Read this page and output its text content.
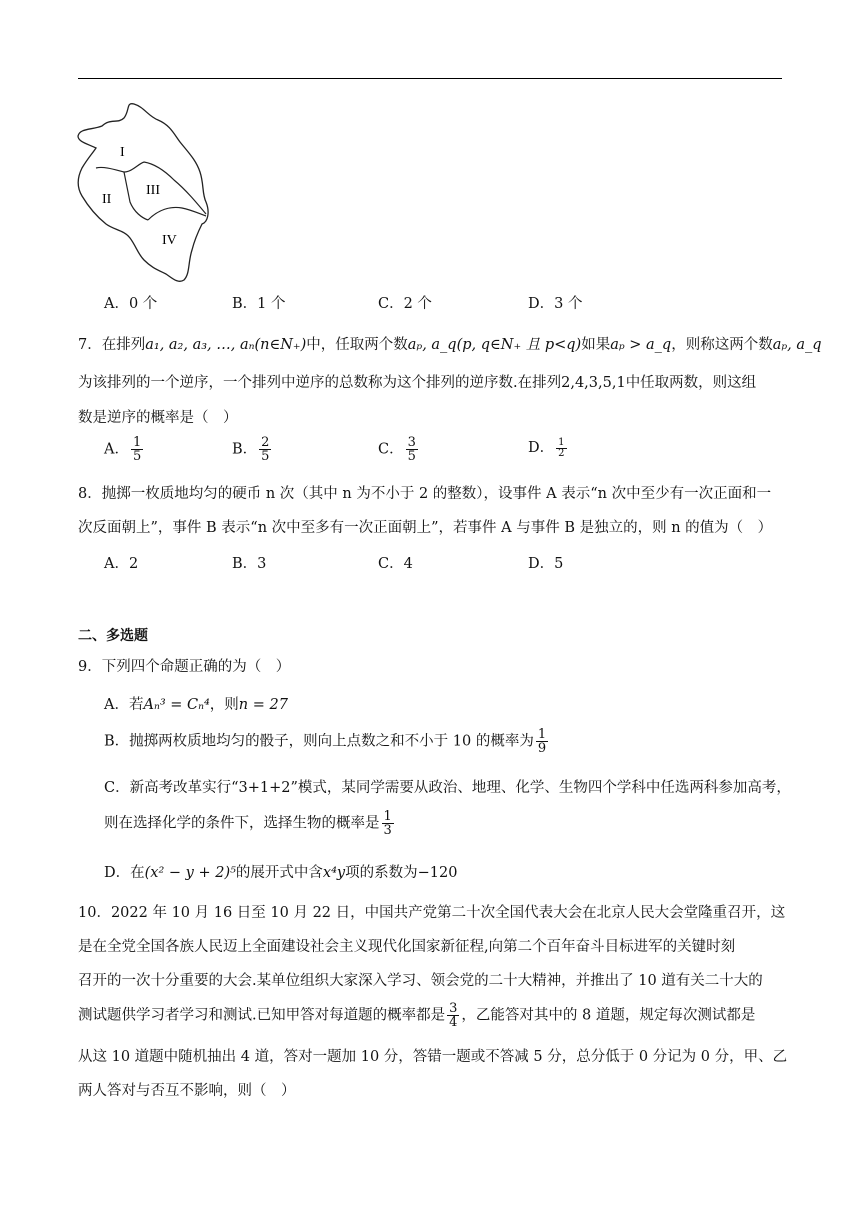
I
II
III
IV
A．0 个	B．1 个	C．2 个	D．3 个
7．在排列a₁, a₂, a₃, …, aₙ(n∈N₊)中，任取两个数aₚ, a_q(p, q∈N₊ 且 p<q)如果aₚ > a_q，则称这两个数aₚ, a_q
为该排列的一个逆序，一个排列中逆序的总数称为这个排列的逆序数.在排列2,4,3,5,1中任取两数，则这组
数是逆序的概率是（　）
A． $\frac{1}{5}$	B． $\frac{2}{5}$	C． $\frac{3}{5}$	D． $\frac{1}{2}$
8．抛掷一枚质地均匀的硬币 n 次（其中 n 为不小于 2 的整数），设事件 A 表示“n 次中至少有一次正面和一
次反面朝上”，事件 B 表示“n 次中至多有一次正面朝上”，若事件 A 与事件 B 是独立的，则 n 的值为（　）
A．2	B．3	C．4	D．5
二、多选题
9．下列四个命题正确的为（　）
A．若Aₙ³ = Cₙ⁴，则n = 27
B．抛掷两枚质地均匀的骰子，则向上点数之和不小于 10 的概率为 $\frac{1}{9}$
C．新高考改革实行“3+1+2”模式，某同学需要从政治、地理、化学、生物四个学科中任选两科参加高考，
则在选择化学的条件下，选择生物的概率是 $\frac{1}{3}$
D．在(x² − y + 2)⁵的展开式中含x⁴y项的系数为−120
10．2022 年 10 月 16 日至 10 月 22 日，中国共产党第二十次全国代表大会在北京人民大会堂隆重召开，这
是在全党全国各族人民迈上全面建设社会主义现代化国家新征程,向第二个百年奋斗目标进军的关键时刻
召开的一次十分重要的大会.某单位组织大家深入学习、领会党的二十大精神，并推出了 10 道有关二十大的
测试题供学习者学习和测试.已知甲答对每道题的概率都是 $\frac{3}{4}$ ，乙能答对其中的 8 道题，规定每次测试都是
从这 10 道题中随机抽出 4 道，答对一题加 10 分，答错一题或不答减 5 分，总分低于 0 分记为 0 分，甲、乙
两人答对与否互不影响，则（　）
